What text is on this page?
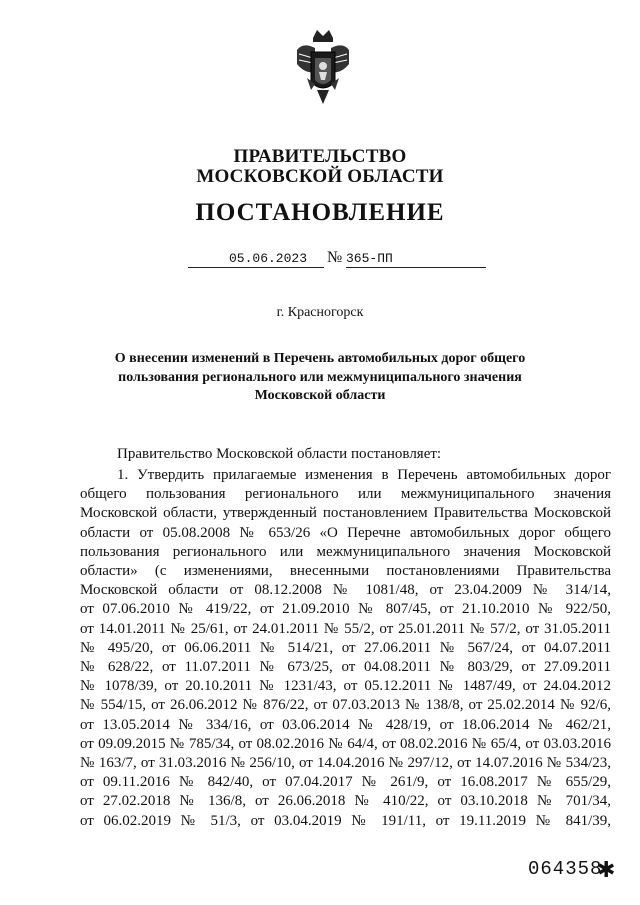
ПРАВИТЕЛЬСТВО
МОСКОВСКОЙ ОБЛАСТИ
ПОСТАНОВЛЕНИЕ
05.06.2023	№ 365-ПП
г. Красногорск
О внесении изменений в Перечень автомобильных дорог общего
пользования регионального или межмуниципального значения
Московской области
Правительство Московской области постановляет:
1. Утвердить прилагаемые изменения в Перечень автомобильных дорог
общего пользования регионального или межмуниципального значения
Московской области, утвержденный постановлением Правительства Московской
области от 05.08.2008 № 653/26 «О Перечне автомобильных дорог общего
пользования регионального или межмуниципального значения Московской
области» (с изменениями, внесенными постановлениями Правительства
Московской области от 08.12.2008 № 1081/48, от 23.04.2009 № 314/14,
от 07.06.2010 № 419/22, от 21.09.2010 № 807/45, от 21.10.2010 № 922/50,
от 14.01.2011 № 25/61, от 24.01.2011 № 55/2, от 25.01.2011 № 57/2, от 31.05.2011
№ 495/20, от 06.06.2011 № 514/21, от 27.06.2011 № 567/24, от 04.07.2011
№ 628/22, от 11.07.2011 № 673/25, от 04.08.2011 № 803/29, от 27.09.2011
№ 1078/39, от 20.10.2011 № 1231/43, от 05.12.2011 № 1487/49, от 24.04.2012
№ 554/15, от 26.06.2012 № 876/22, от 07.03.2013 № 138/8, от 25.02.2014 № 92/6,
от 13.05.2014 № 334/16, от 03.06.2014 № 428/19, от 18.06.2014 № 462/21,
от 09.09.2015 № 785/34, от 08.02.2016 № 64/4, от 08.02.2016 № 65/4, от 03.03.2016
№ 163/7, от 31.03.2016 № 256/10, от 14.04.2016 № 297/12, от 14.07.2016 № 534/23,
от 09.11.2016 № 842/40, от 07.04.2017 № 261/9, от 16.08.2017 № 655/29,
от 27.02.2018 № 136/8, от 26.06.2018 № 410/22, от 03.10.2018 № 701/34,
от 06.02.2019 № 51/3, от 03.04.2019 № 191/11, от 19.11.2019 № 841/39,
064358
✱
